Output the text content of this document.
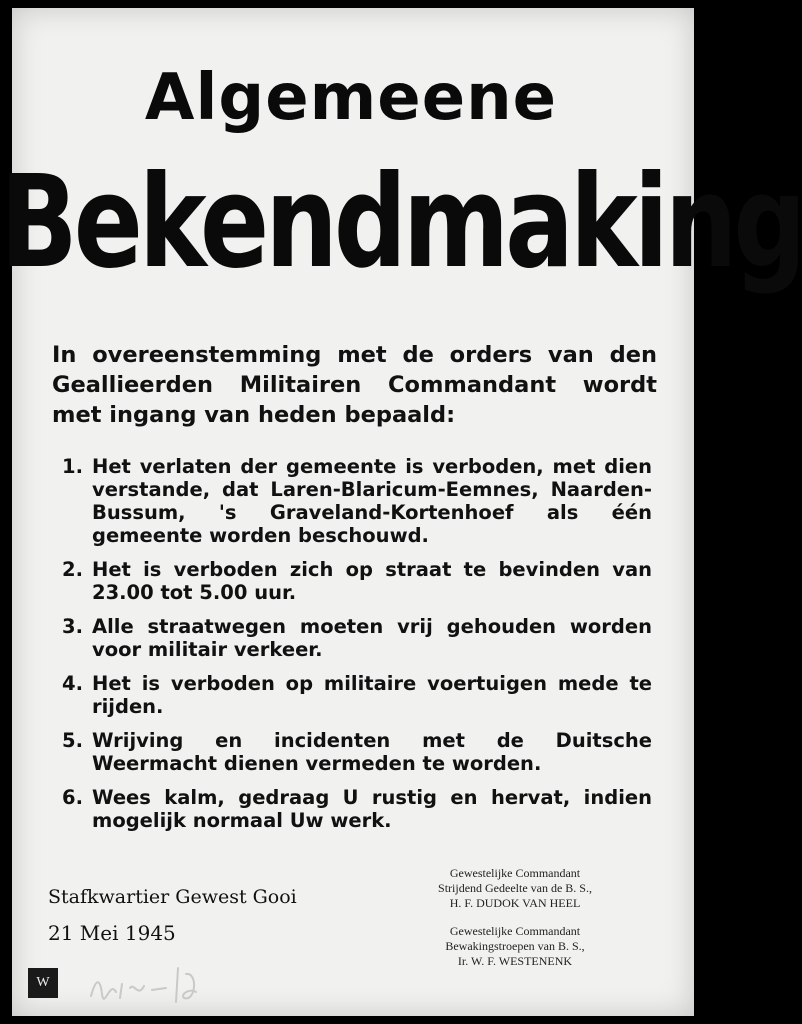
Algemeene
Bekendmaking
In overeenstemming met de orders van den Geallieerden Militairen Commandant wordt met ingang van heden bepaald:
1. Het verlaten der gemeente is verboden, met dien verstande, dat Laren-Blaricum-Eemnes, Naarden-Bussum, 's Graveland-Kortenhoef als één gemeente worden beschouwd.
2. Het is verboden zich op straat te bevinden van 23.00 tot 5.00 uur.
3. Alle straatwegen moeten vrij gehouden worden voor militair verkeer.
4. Het is verboden op militaire voertuigen mede te rijden.
5. Wrijving en incidenten met de Duitsche Weermacht dienen vermeden te worden.
6. Wees kalm, gedraag U rustig en hervat, indien mogelijk normaal Uw werk.
Stafkwartier Gewest Gooi
21 Mei 1945
Gewestelijke Commandant
Strijdend Gedeelte van de B. S.,
H. F. DUDOK VAN HEEL
Gewestelijke Commandant
Bewakingstroepen van B. S.,
Ir. W. F. WESTENENK
W
